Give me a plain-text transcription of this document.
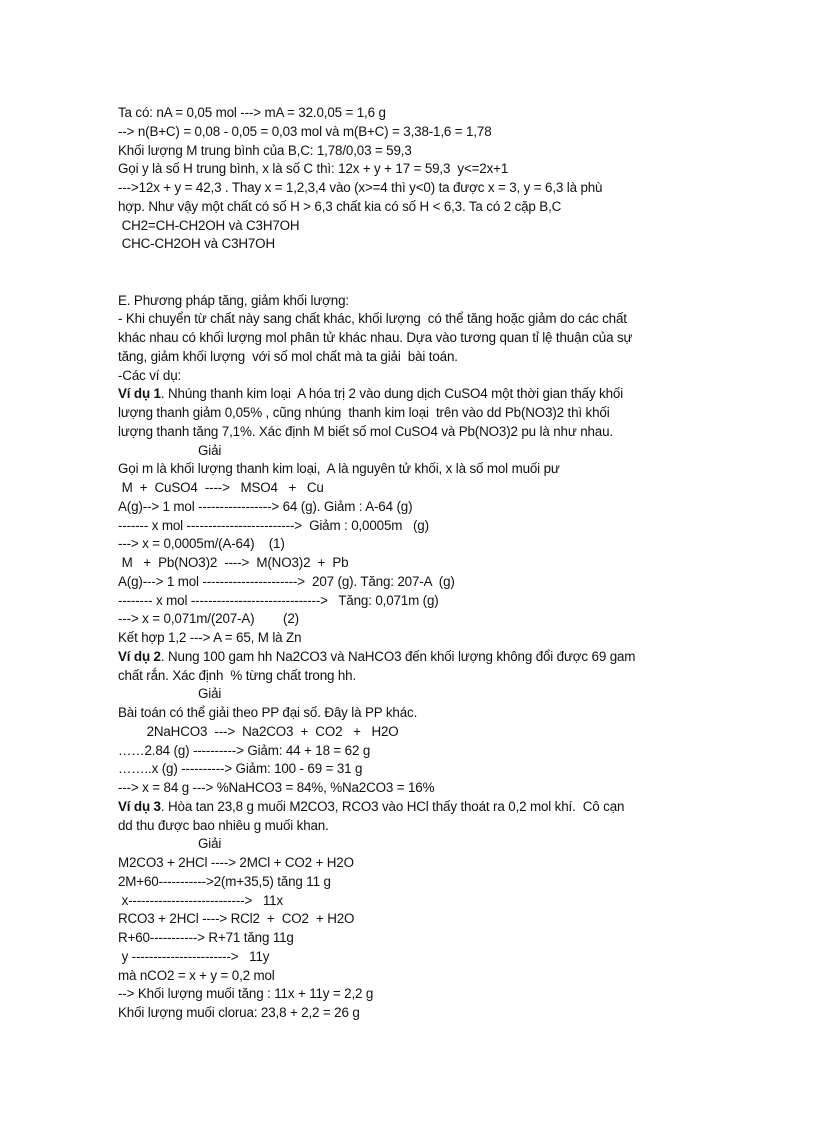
Ta có: nA = 0,05 mol ---> mA = 32.0,05 = 1,6 g
--> n(B+C) = 0,08 - 0,05 = 0,03 mol và m(B+C) = 3,38-1,6 = 1,78
Khối lượng M trung bình của B,C: 1,78/0,03 = 59,3
Gọi y là số H trung bình, x là số C thì: 12x + y + 17 = 59,3  y<=2x+1
--->12x + y = 42,3 . Thay x = 1,2,3,4 vào (x>=4 thì y<0) ta được x = 3, y = 6,3 là phù
hợp. Như vậy một chất có số H > 6,3 chất kia có số H < 6,3. Ta có 2 cặp B,C
CH2=CH-CH2OH và C3H7OH
CHC-CH2OH và C3H7OH
E. Phương pháp tăng, giảm khối lượng:
- Khi chuyển từ chất này sang chất khác, khối lượng  có thể tăng hoặc giảm do các chất
khác nhau có khối lượng mol phân tử khác nhau. Dựa vào tương quan tỉ lệ thuận của sự
tăng, giảm khối lượng  với số mol chất mà ta giải  bài toán.
-Các ví dụ:
Ví dụ 1. Nhúng thanh kim loại  A hóa trị 2 vào dung dịch CuSO4 một thời gian thấy khối
lượng thanh giảm 0,05% , cũng nhúng  thanh kim loại  trên vào dd Pb(NO3)2 thì khối
lượng thanh tăng 7,1%. Xác định M biết số mol CuSO4 và Pb(NO3)2 pu là như nhau.
Giải
Gọi m là khối lượng thanh kim loại,  A là nguyên tử khối, x là số mol muối pư
M  +  CuSO4  ---->   MSO4   +   Cu
A(g)--> 1 mol -----------------> 64 (g). Giảm : A-64 (g)
------- x mol ------------------------->  Giảm : 0,0005m   (g)
---> x = 0,0005m/(A-64)    (1)
M   +  Pb(NO3)2  ---->  M(NO3)2  +  Pb
A(g)---> 1 mol ---------------------->  207 (g). Tăng: 207-A  (g)
-------- x mol ------------------------------>   Tăng: 0,071m (g)
---> x = 0,071m/(207-A)        (2)
Kết hợp 1,2 ---> A = 65, M là Zn
Ví dụ 2. Nung 100 gam hh Na2CO3 và NaHCO3 đến khối lượng không đổi được 69 gam
chất rắn. Xác định  % từng chất trong hh.
Giải
Bài toán có thể giải theo PP đại số. Đây là PP khác.
2NaHCO3  --->  Na2CO3  +  CO2   +   H2O
……2.84 (g) ----------> Giảm: 44 + 18 = 62 g
……..x (g) ----------> Giảm: 100 - 69 = 31 g
---> x = 84 g ---> %NaHCO3 = 84%, %Na2CO3 = 16%
Ví dụ 3. Hòa tan 23,8 g muối M2CO3, RCO3 vào HCl thấy thoát ra 0,2 mol khí.  Cô cạn
dd thu được bao nhiêu g muối khan.
Giải
M2CO3 + 2HCl ----> 2MCl + CO2 + H2O
2M+60----------->2(m+35,5) tăng 11 g
x--------------------------->   11x
RCO3 + 2HCl ----> RCl2  +  CO2  + H2O
R+60-----------> R+71 tăng 11g
y ----------------------->   11y
mà nCO2 = x + y = 0,2 mol
--> Khối lượng muối tăng : 11x + 11y = 2,2 g
Khối lượng muối clorua: 23,8 + 2,2 = 26 g
